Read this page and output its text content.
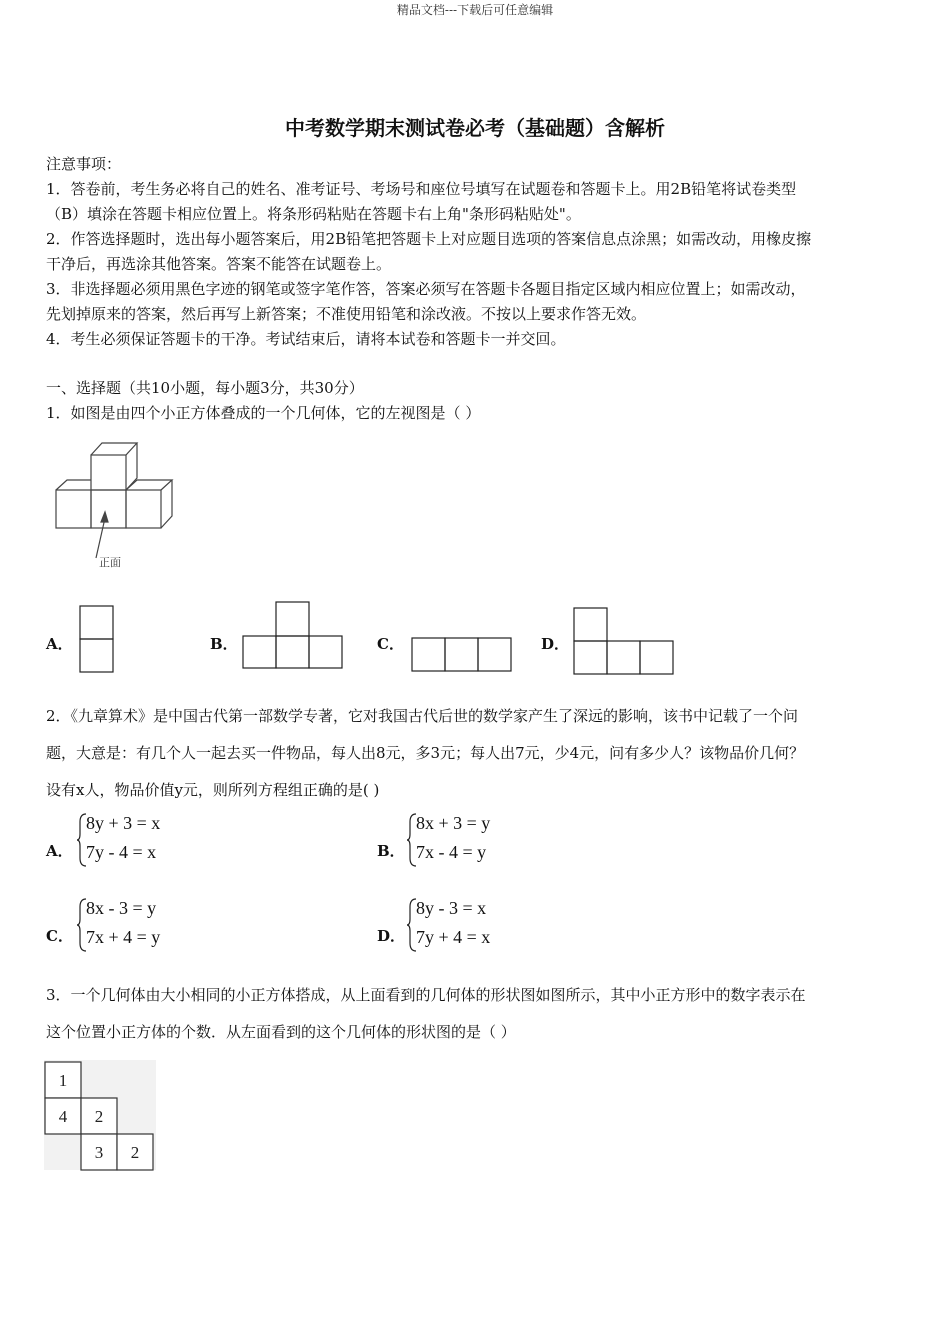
精品文档---下载后可任意编辑
中考数学期末测试卷必考（基础题）含解析
注意事项：
1．答卷前，考生务必将自己的姓名、准考证号、考场号和座位号填写在试题卷和答题卡上。用2B铅笔将试卷类型
（B）填涂在答题卡相应位置上。将条形码粘贴在答题卡右上角"条形码粘贴处"。
2．作答选择题时，选出每小题答案后，用2B铅笔把答题卡上对应题目选项的答案信息点涂黑；如需改动，用橡皮擦
干净后，再选涂其他答案。答案不能答在试题卷上。
3．非选择题必须用黑色字迹的钢笔或签字笔作答，答案必须写在答题卡各题目指定区域内相应位置上；如需改动，
先划掉原来的答案，然后再写上新答案；不准使用铅笔和涂改液。不按以上要求作答无效。
4．考生必须保证答题卡的干净。考试结束后，请将本试卷和答题卡一并交回。
一、选择题（共10小题，每小题3分，共30分）
1．如图是由四个小正方体叠成的一个几何体，它的左视图是（ ）
正面
A．	B．	C．	D．
2．《九章算术》是中国古代第一部数学专著，它对我国古代后世的数学家产生了深远的影响，该书中记载了一个问
题，大意是：有几个人一起去买一件物品，每人出8元，多3元；每人出7元，少4元，问有多少人？该物品价几何？
设有x人，物品价值y元，则所列方程组正确的是( )
A．
8y + 3 = x
7y - 4 = x	B．
8x + 3 = y
7x - 4 = y
C．
8x - 3 = y
7x + 4 = y	D．
8y - 3 = x
7y + 4 = x
3．一个几何体由大小相同的小正方体搭成，从上面看到的几何体的形状图如图所示，其中小正方形中的数字表示在
这个位置小正方体的个数．从左面看到的这个几何体的形状图的是（ ）
1
4 2
3 2
